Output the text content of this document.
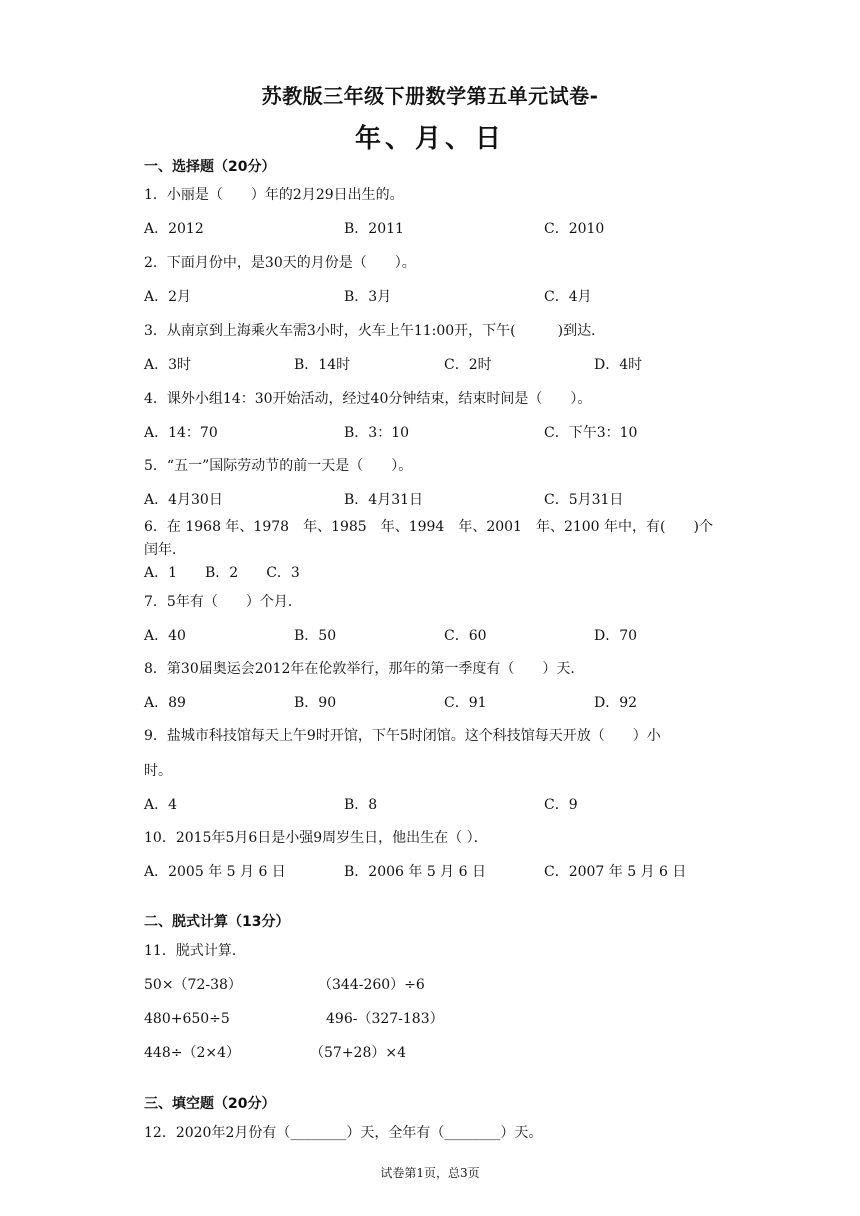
苏教版三年级下册数学第五单元试卷-
年、月、日
一、选择题（20分）
1．小丽是（　　）年的2月29日出生的。
A．2012	B．2011	C．2010
2．下面月份中，是30天的月份是（　　）。
A．2月	B．3月	C．4月
3．从南京到上海乘火车需3小时，火车上午11:00开，下午(　　　)到达．
A．3时	B．14时	C．2时	D．4时
4．课外小组14：30开始活动，经过40分钟结束，结束时间是（　　）。
A．14：70	B．3：10	C．下午3：10
5．“五一”国际劳动节的前一天是（　　）。
A．4月30日	B．4月31日	C．5月31日
6．在 1968 年、1978　年、1985　年、1994　年、2001　年、2100 年中，有(　　)个
闰年．
A．1　　B．2　　C．3
7．5年有（　　）个月．
A．40	B．50	C．60	D．70
8．第30届奥运会2012年在伦敦举行，那年的第一季度有（　　）天．
A．89	B．90	C．91	D．92
9．盐城市科技馆每天上午9时开馆，下午5时闭馆。这个科技馆每天开放（　　）小
时。
A．4	B．8	C．9
10．2015年5月6日是小强9周岁生日，他出生在（ ）．
A．2005 年 5 月 6 日	B．2006 年 5 月 6 日	C．2007 年 5 月 6 日
二、脱式计算（13分）
11．脱式计算．
50×（72-38）	（344-260）÷6
480+650÷5	496-（327-183）
448÷（2×4）	（57+28）×4
三、填空题（20分）
12．2020年2月份有（________）天，全年有（________）天。
试卷第1页，总3页
